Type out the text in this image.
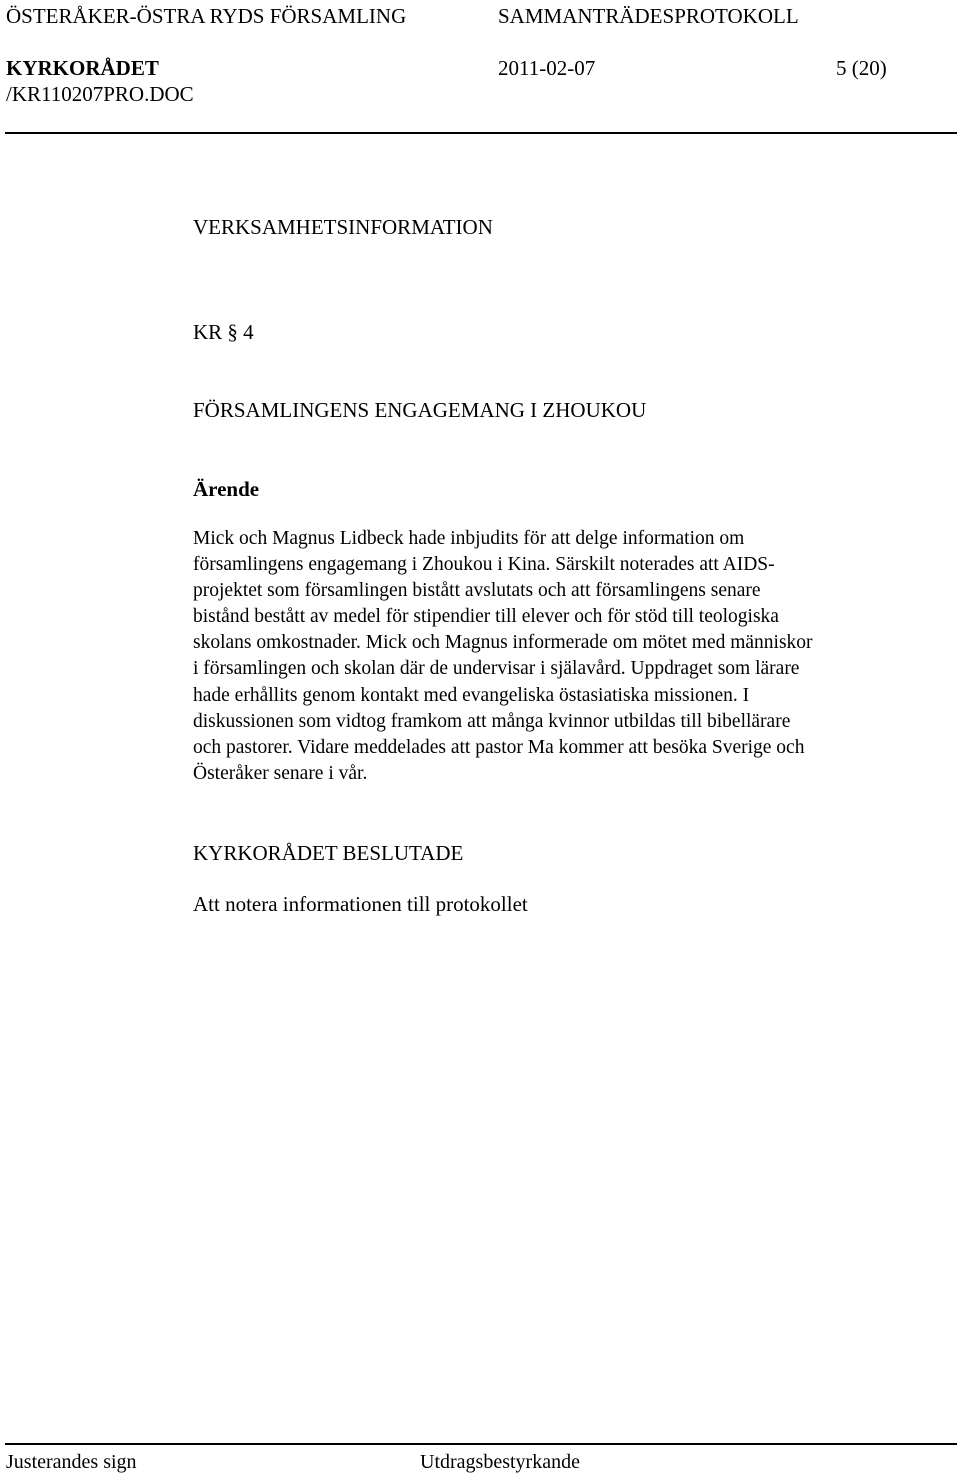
ÖSTERÅKER-ÖSTRA RYDS FÖRSAMLING	SAMMANTRÄDESPROTOKOLL
KYRKORÅDET	2011-02-07	5 (20)
/KR110207PRO.DOC
VERKSAMHETSINFORMATION
KR § 4
FÖRSAMLINGENS ENGAGEMANG I ZHOUKOU
Ärende
Mick och Magnus Lidbeck hade inbjudits för att delge information om
församlingens engagemang i Zhoukou i Kina. Särskilt noterades att AIDS-
projektet som församlingen bistått avslutats och att församlingens senare
bistånd bestått av medel för stipendier till elever och för stöd till teologiska
skolans omkostnader. Mick och Magnus informerade om mötet med människor
i församlingen och skolan där de undervisar i själavård. Uppdraget som lärare
hade erhållits genom kontakt med evangeliska östasiatiska missionen. I
diskussionen som vidtog framkom att många kvinnor utbildas till bibellärare
och pastorer. Vidare meddelades att pastor Ma kommer att besöka Sverige och
Österåker senare i vår.
KYRKORÅDET BESLUTADE
Att notera informationen till protokollet
Justerandes sign	Utdragsbestyrkande
